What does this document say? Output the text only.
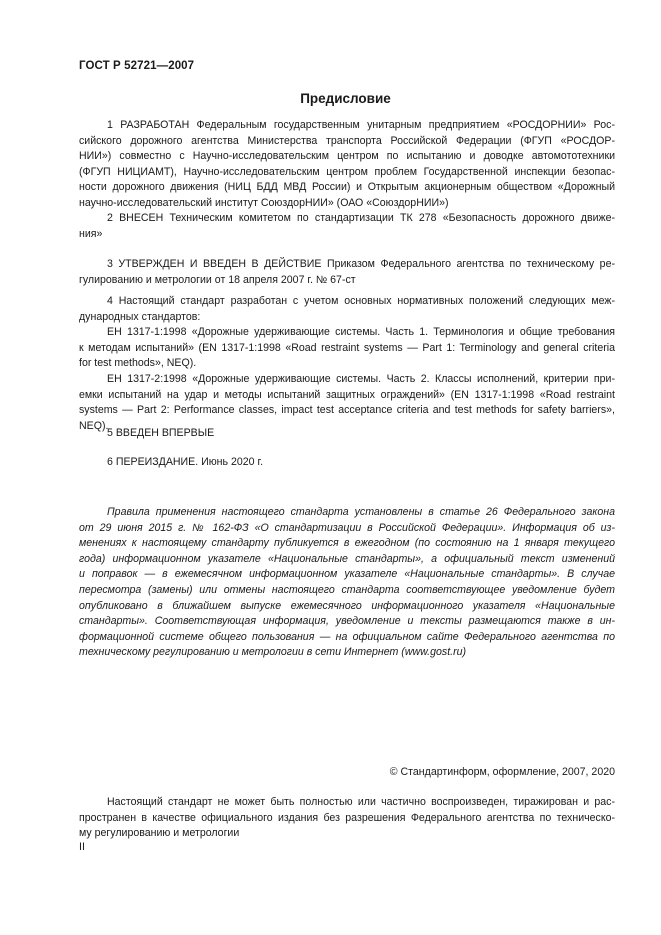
ГОСТ Р 52721—2007
Предисловие
1 РАЗРАБОТАН Федеральным государственным унитарным предприятием «РОСДОРНИИ» Рос-
сийского дорожного агентства Министерства транспорта Российской Федерации (ФГУП «РОСДОР-
НИИ») совместно с Научно-исследовательским центром по испытанию и доводке автомототехники
(ФГУП НИЦИАМТ), Научно-исследовательским центром проблем Государственной инспекции безопас-
ности дорожного движения (НИЦ БДД МВД России) и Открытым акционерным обществом «Дорожный
научно-исследовательский институт СоюздорНИИ» (ОАО «СоюздорНИИ»)
2 ВНЕСЕН Техническим комитетом по стандартизации ТК 278 «Безопасность дорожного движе-
ния»
3 УТВЕРЖДЕН И ВВЕДЕН В ДЕЙСТВИЕ Приказом Федерального агентства по техническому ре-
гулированию и метрологии от 18 апреля 2007 г. № 67-ст
4 Настоящий стандарт разработан с учетом основных нормативных положений следующих меж-
дународных стандартов:
ЕН 1317-1:1998 «Дорожные удерживающие системы. Часть 1. Терминология и общие требования
к методам испытаний» (EN 1317-1:1998 «Road restraint systems — Part 1: Terminology and general criteria
for test methods», NEQ).
ЕН 1317-2:1998 «Дорожные удерживающие системы. Часть 2. Классы исполнений, критерии при-
емки испытаний на удар и методы испытаний защитных ограждений» (EN 1317-1:1998 «Road restraint
systems — Part 2: Performance classes, impact test acceptance criteria and test methods for safety barriers»,
NEQ).
5 ВВЕДЕН ВПЕРВЫЕ
6 ПЕРЕИЗДАНИЕ. Июнь 2020 г.
Правила применения настоящего стандарта установлены в статье 26 Федерального закона
от 29 июня 2015 г. № 162-ФЗ «О стандартизации в Российской Федерации». Информация об из-
менениях к настоящему стандарту публикуется в ежегодном (по состоянию на 1 января текущего
года) информационном указателе «Национальные стандарты», а официальный текст изменений
и поправок — в ежемесячном информационном указателе «Национальные стандарты». В случае
пересмотра (замены) или отмены настоящего стандарта соответствующее уведомление будет
опубликовано в ближайшем выпуске ежемесячного информационного указателя «Национальные
стандарты». Соответствующая информация, уведомление и тексты размещаются также в ин-
формационной системе общего пользования — на официальном сайте Федерального агентства по
техническому регулированию и метрологии в сети Интернет (www.gost.ru)
© Стандартинформ, оформление, 2007, 2020
Настоящий стандарт не может быть полностью или частично воспроизведен, тиражирован и рас-
пространен в качестве официального издания без разрешения Федерального агентства по техническо-
му регулированию и метрологии
II
